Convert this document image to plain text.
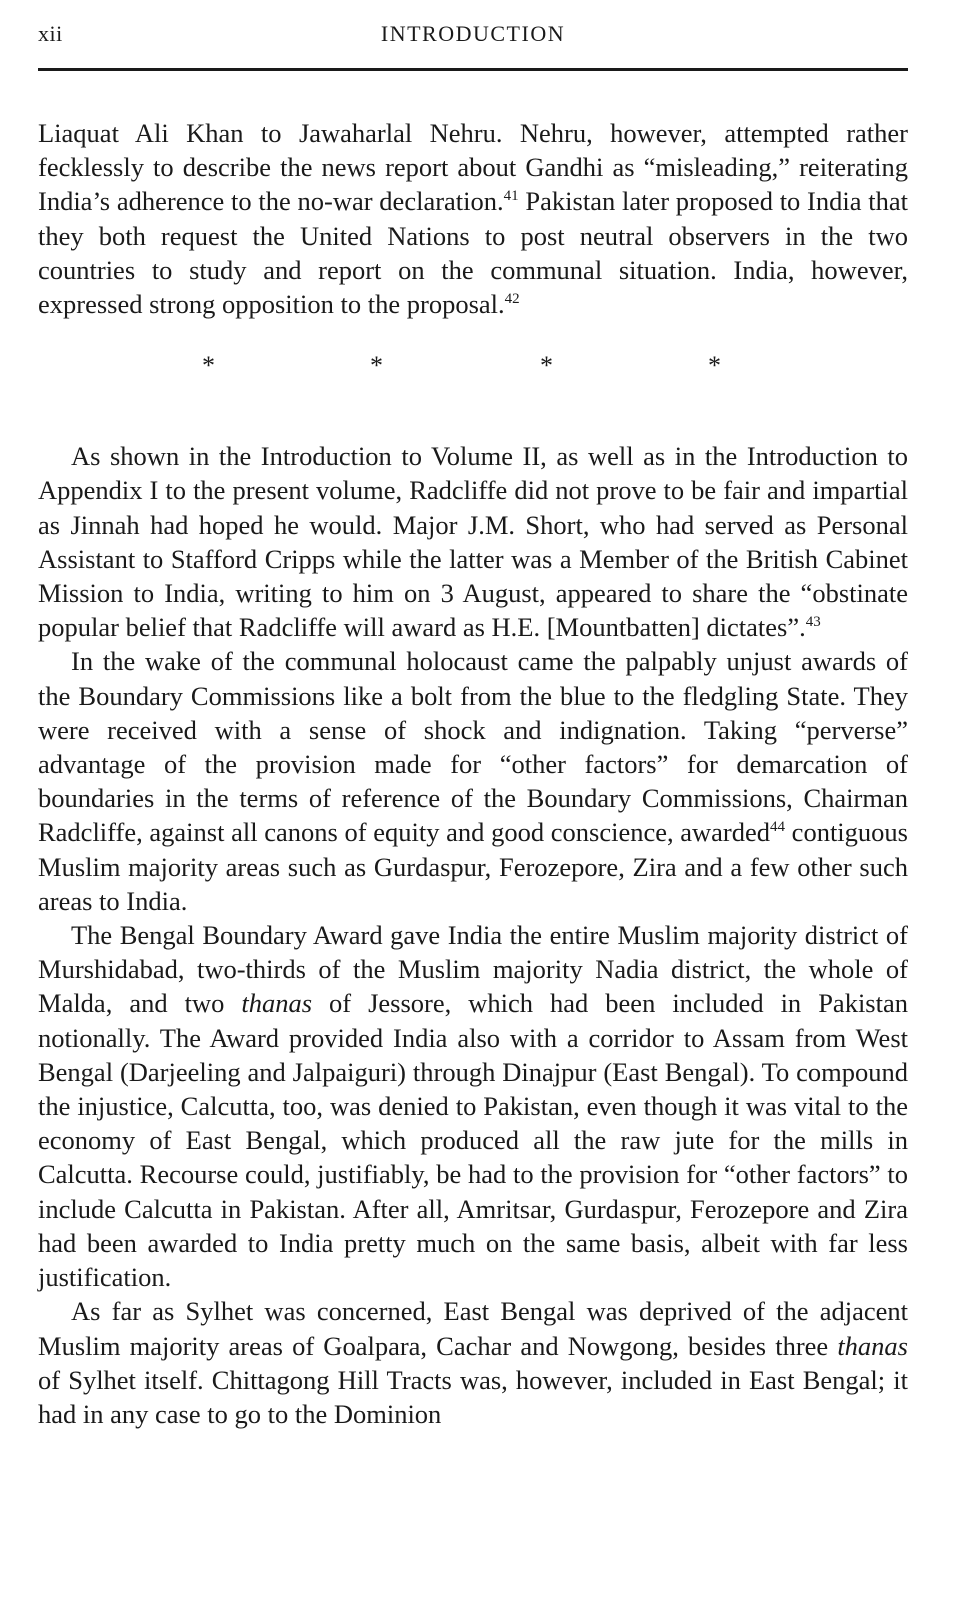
xii	INTRODUCTION

Liaquat Ali Khan to Jawaharlal Nehru. Nehru, however, attempted rather fecklessly to describe the news report about Gandhi as “misleading,” reiterating India’s adherence to the no-war declaration.$^{41}$ Pakistan later proposed to India that they both request the United Nations to post neutral observers in the two countries to study and report on the communal situation. India, however, expressed strong opposition to the proposal.$^{42}$

*	*	*	*

As shown in the Introduction to Volume II, as well as in the Introduction to Appendix I to the present volume, Radcliffe did not prove to be fair and impartial as Jinnah had hoped he would. Major J.M. Short, who had served as Personal Assistant to Stafford Cripps while the latter was a Member of the British Cabinet Mission to India, writing to him on 3 August, appeared to share the “obstinate popular belief that Radcliffe will award as H.E. [Mountbatten] dictates”.$^{43}$

In the wake of the communal holocaust came the palpably unjust awards of the Boundary Commissions like a bolt from the blue to the fledgling State. They were received with a sense of shock and indignation. Taking “perverse” advantage of the provision made for “other factors” for demarcation of boundaries in the terms of reference of the Boundary Commissions, Chairman Radcliffe, against all canons of equity and good conscience, awarded$^{44}$ contiguous Muslim majority areas such as Gurdaspur, Ferozepore, Zira and a few other such areas to India.

The Bengal Boundary Award gave India the entire Muslim majority district of Murshidabad, two-thirds of the Muslim majority Nadia district, the whole of Malda, and two thanas of Jessore, which had been included in Pakistan notionally. The Award provided India also with a corridor to Assam from West Bengal (Darjeeling and Jalpaiguri) through Dinajpur (East Bengal). To compound the injustice, Calcutta, too, was denied to Pakistan, even though it was vital to the economy of East Bengal, which produced all the raw jute for the mills in Calcutta. Recourse could, justifiably, be had to the provision for “other factors” to include Calcutta in Pakistan. After all, Amritsar, Gurdaspur, Ferozepore and Zira had been awarded to India pretty much on the same basis, albeit with far less justification.

As far as Sylhet was concerned, East Bengal was deprived of the adjacent Muslim majority areas of Goalpara, Cachar and Nowgong, besides three thanas of Sylhet itself. Chittagong Hill Tracts was, however, included in East Bengal; it had in any case to go to the Dominion
